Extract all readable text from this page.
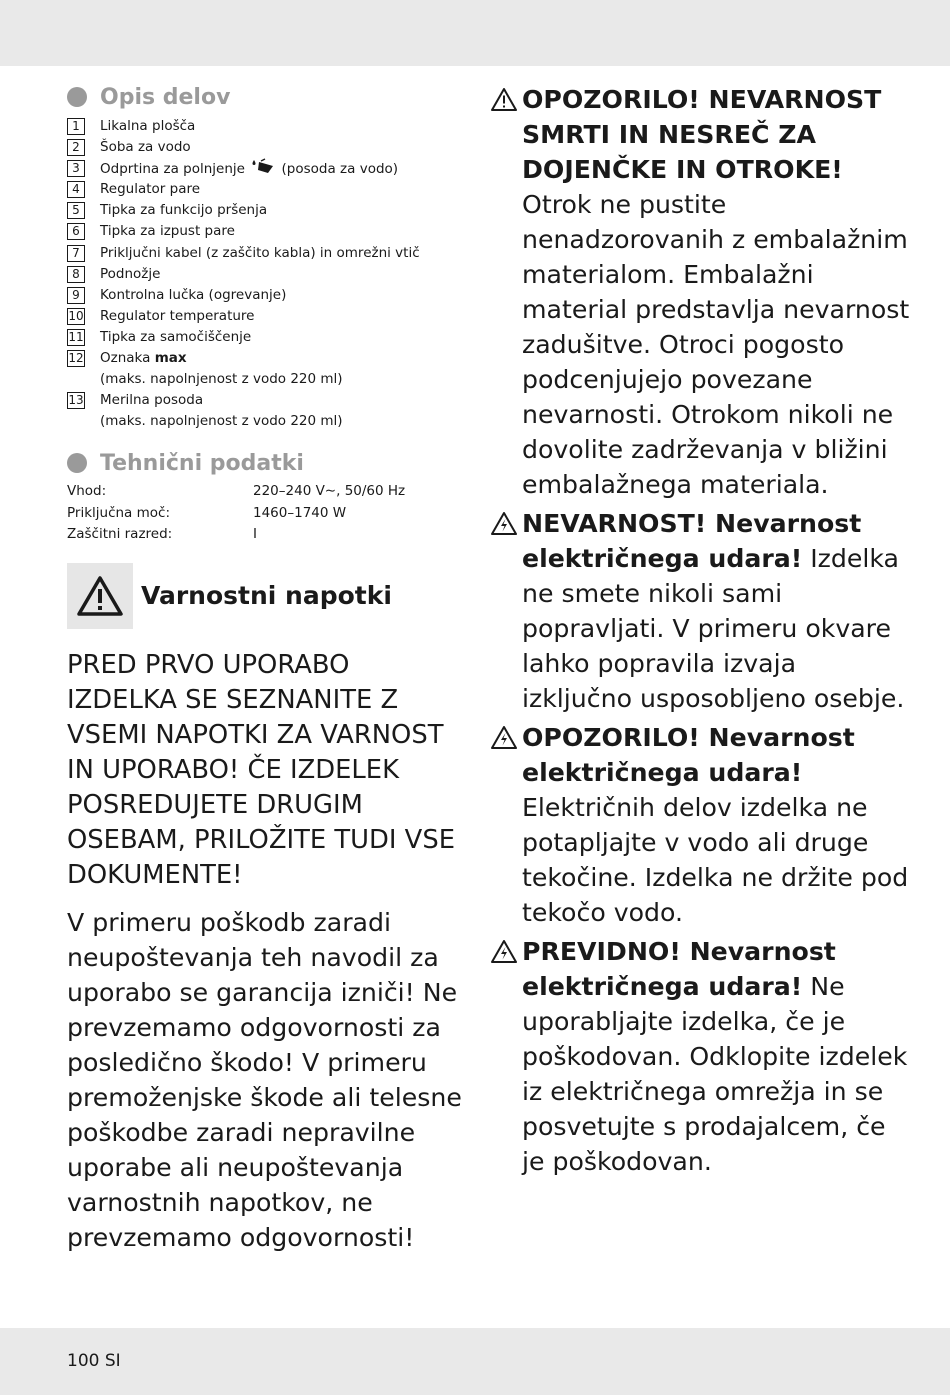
Opis delov
1	Likalna plošča
2	Šoba za vodo
3	Odprtina za polnjenje	(posoda za vodo)
4	Regulator pare
5	Tipka za funkcijo pršenja
6	Tipka za izpust pare
7	Priključni kabel (z zaščito kabla) in omrežni vtič
8	Podnožje
9	Kontrolna lučka (ogrevanje)
10 Regulator temperature
11 Tipka za samočiščenje
12 Oznaka max
(maks. napolnjenost z vodo 220 ml)
13 Merilna posoda
(maks. napolnjenost z vodo 220 ml)
Tehnični podatki
Vhod:	220–240 V∼, 50/60 Hz
Priključna moč:	1460–1740 W
Zaščitni razred:	I
Varnostni napotki

PRED PRVO UPORABO IZDELKA SE SEZNANITE Z VSEMI NAPOTKI ZA VARNOST IN UPORABO! ČE IZDELEK POSREDUJETE DRUGIM OSEBAM, PRILOŽITE TUDI VSE DOKUMENTE!

V primeru poškodb zaradi neupoštevanja teh navodil za uporabo se garancija izniči! Ne prevzemamo odgovornosti za posledično škodo! V primeru premoženjske škode ali telesne poškodbe zaradi nepravilne uporabe ali neupoštevanja varnostnih napotkov, ne prevzemamo odgovornosti!

OPOZORILO! NEVARNOST SMRTI IN NESREČ ZA DOJENČKE IN OTROKE! Otrok ne pustite nenadzorovanih z embalažnim materialom. Embalažni material predstavlja nevarnost zadušitve. Otroci pogosto podcenjujejo povezane nevarnosti. Otrokom nikoli ne dovolite zadrževanja v bližini embalažnega materiala.
NEVARNOST! Nevarnost električnega udara! Izdelka ne smete nikoli sami popravljati. V primeru okvare lahko popravila izvaja izključno usposobljeno osebje.
OPOZORILO! Nevarnost električnega udara! Električnih delov izdelka ne potapljajte v vodo ali druge tekočine. Izdelka ne držite pod tekočo vodo.
PREVIDNO! Nevarnost električnega udara! Ne uporabljajte izdelka, če je poškodovan. Odklopite izdelek iz električnega omrežja in se posvetujte s prodajalcem, če je poškodovan.
100 SI
